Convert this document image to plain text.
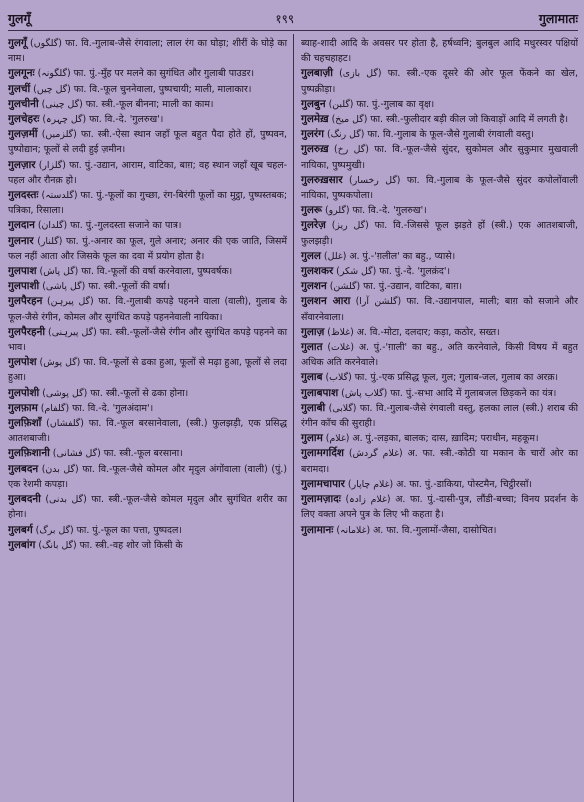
गुलगूँ	१९९	गुलामातः

गुलगूँ (گلگوں) फा. वि.-गुलाब-जैसे रंगवाला; लाल रंग का घोड़ा; शीरीं के घोड़े का नाम।

गुलगूनः (گلگونہ) फा. पुं.-मुँह पर मलने का सुगंधित और गुलाबी पाउडर।

गुलचीं (گل چیں) फा. वि.-फूल चुननेवाला, पुष्पचायी; माली, मालाकार।

गुलचीनी (گل چینی) फा. स्त्री.-फूल बीनना; माली का काम।

गुलचेहरः (گل چہرہ) फा. वि.-दे. 'गुलरुख'।

गुलज़मीं (گلزمیں) फा. स्त्री.-ऐसा स्थान जहाँ फूल बहुत पैदा होते हों, पुष्पवन, पुष्पोद्यान; फूलों से लदी हुई ज़मीन।

गुलज़ार (گلزار) फा. पुं.-उद्यान, आराम, वाटिका, बाग़; वह स्थान जहाँ खूब चहल-पहल और रौनक़ हो।

गुलदस्तः (گلدستہ) फा. पुं.-फूलों का गुच्छा, रंग-बिरंगी फूलों का मुट्ठा, पुष्पस्तबक; पत्रिका, रिसाला।

गुलदान (گلدان) फा. पुं.-गुलदस्ता सजाने का पात्र।

गुलनार (گلنار) फा. पुं.-अनार का फूल, गुले अनार; अनार की एक जाति, जिसमें फल नहीं आता और जिसके फूल का दवा में प्रयोग होता है।

गुलपाश (گل پاش) फा. वि.-फूलों की वर्षा करनेवाला, पुष्पवर्षक।

गुलपाशी (گل پاشی) फा. स्त्री.-फूलों की वर्षा।

गुलपैरहन (گل پیرہن) फा. वि.-गुलाबी कपड़े पहनने वाला (वाली), गुलाब के फूल-जैसे रंगीन, कोमल और सुगंधित कपड़े पहननेवाली नायिका।

गुलपैरहनी (گل پیرہنی) फा. स्त्री.-फूलों-जैसे रंगीन और सुगंधित कपड़े पहनने का भाव।

गुलपोश (گل پوش) फा. वि.-फूलों से ढका हुआ, फूलों से मढ़ा हुआ, फूलों से लदा हुआ।

गुलपोशी (گل پوشی) फा. स्त्री.-फूलों से ढका होना।

गुलफ़ाम (گلفام) फा. वि.-दे. 'गुलअंदाम'।

गुलफ़िशाँ (گلفشاں) फा. वि.-फूल बरसानेवाला, (स्त्री.) फुलझड़ी, एक प्रसिद्ध आतशबाजी।

गुलफ़िशानी (گل فشانی) फा. स्त्री.-फूल बरसाना।

गुलबदन (گل بدن) फा. वि.-फूल-जैसे कोमल और मृदुल अंगोंवाला (वाली) (पुं.) एक रेशमी कपड़ा।

गुलबदनी (گل بدنی) फा. स्त्री.-फूल-जैसे कोमल मृदुल और सुगंधित शरीर का होना।

गुलबर्ग (گل برگ) फा. पुं.-फूल का पत्ता, पुष्पदल।

गुलबांग (گل بانگ) फा. स्त्री.-वह शोर जो किसी के

ब्याह-शादी आदि के अवसर पर होता है, हर्षध्वनि; बुलबुल आदि मधुरस्वर पक्षियों की चहचहाहट।

गुलबाज़ी (گل بازی) फा. स्त्री.-एक दूसरे की ओर फूल फेंकने का खेल, पुष्पक्रीड़ा।

गुलबुन (گلبن) फा. पुं.-गुलाब का वृक्ष।

गुलमेख़ (گل میخ) फा. स्त्री.-फुलीदार बड़ी कील जो किवाड़ों आदि में लगती है।

गुलरंग (گل رنگ) फा. वि.-गुलाब के फूल-जैसे गुलाबी रंगवाली वस्तु।

गुलरुख़ (گل رخ) फा. वि.-फूल-जैसे सुंदर, सुकोमल और सुकुमार मुखवाली नायिका, पुष्पमुखी।

गुलरुख़सार (گل رخسار) फा. वि.-गुलाब के फूल-जैसे सुंदर कपोलोंवाली नायिका, पुष्पकपोला।

गुलरू (گلرو) फा. वि.-दे. 'गुलरुख'।

गुलरेज़ (گل ریز) फा. वि.-जिससे फूल झड़ते हों (स्त्री.) एक आतशबाजी, फुलझड़ी।

गुलल (غلل) अ. पुं.-'ग़लील' का बहु., प्यासे।

गुलशकर (گل شکر) फा. पुं.-दे. 'गुलक़ंद'।

गुलशन (گلشن) फा. पुं.-उद्यान, वाटिका, बाग़।

गुलशन आरा (گلشن آرا) फा. वि.-उद्यानपाल, माली; बाग़ को सजाने और सँवारनेवाला।

गुलाज़ (غلاظ) अ. वि.-मोटा, दलदार; कड़ा, कठोर, सख्त।

गुलात (غلات) अ. पुं.-'ग़ाली' का बहु., अति करनेवाले, किसी विषय में बहुत अधिक अति करनेवाले।

गुलाब (گلاب) फा. पुं.-एक प्रसिद्ध फूल, गुल; गुलाब-जल, गुलाब का अरक़।

गुलाबपाश (گلاب پاش) फा. पुं.-सभा आदि में गुलाबजल छिड़कने का यंत्र।

गुलाबी (گلابی) फा. वि.-गुलाब-जैसे रंगवाली वस्तु, हलका लाल (स्त्री.) शराब की रंगीन काँच की सुराही।

गुलाम (غلام) अ. पुं.-लड़का, बालक; दास, ख़ादिम; पराधीन, महकूम।

गुलामगर्दिश (غلام گردش) अ. फा. स्त्री.-कोठी या मकान के चारों ओर का बरामदा।

गुलामचापार (غلام چاپار) अ. फा. पुं.-डाकिया, पोस्टमैन, चिट्ठीरसाँ।

गुलामज़ादः (غلام زادہ) अ. फा. पुं.-दासी-पुत्र, लौंडी-बच्चा; विनय प्रदर्शन के लिए वक्ता अपने पुत्र के लिए भी कहता है।

गुलामानः (غلامانہ) अ. फा. वि.-गुलामों-जैसा, दासोचित।
